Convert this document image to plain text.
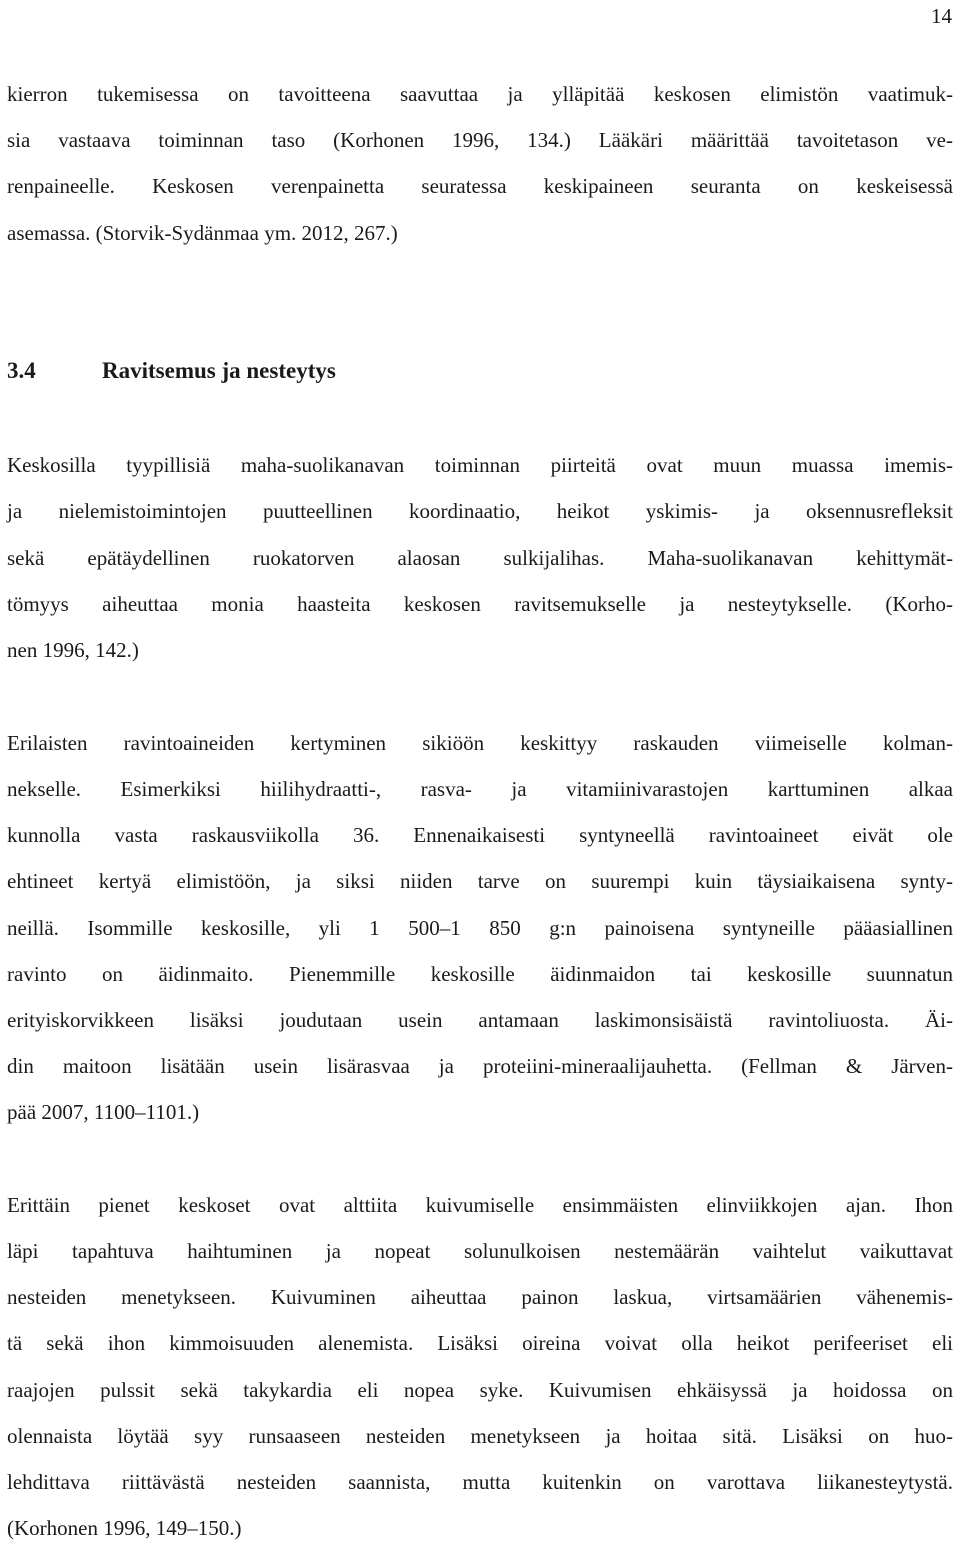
14
kierron tukemisessa on tavoitteena saavuttaa ja ylläpitää keskosen elimistön vaatimuk-
sia vastaava toiminnan taso (Korhonen 1996, 134.) Lääkäri määrittää tavoitetason ve-
renpaineelle. Keskosen verenpainetta seuratessa keskipaineen seuranta on keskeisessä
asemassa. (Storvik-Sydänmaa ym. 2012, 267.)
3.4	Ravitsemus ja nesteytys
Keskosilla tyypillisiä maha-suolikanavan toiminnan piirteitä ovat muun muassa imemis-
ja nielemistoimintojen puutteellinen koordinaatio, heikot yskimis- ja oksennusrefleksit
sekä epätäydellinen ruokatorven alaosan sulkijalihas. Maha-suolikanavan kehittymät-
tömyys aiheuttaa monia haasteita keskosen ravitsemukselle ja nesteytykselle. (Korho-
nen 1996, 142.)
Erilaisten ravintoaineiden kertyminen sikiöön keskittyy raskauden viimeiselle kolman-
nekselle. Esimerkiksi hiilihydraatti-, rasva- ja vitamiinivarastojen karttuminen alkaa
kunnolla vasta raskausviikolla 36. Ennenaikaisesti syntyneellä ravintoaineet eivät ole
ehtineet kertyä elimistöön, ja siksi niiden tarve on suurempi kuin täysiaikaisena synty-
neillä. Isommille keskosille, yli 1 500–1 850 g:n painoisena syntyneille pääasiallinen
ravinto on äidinmaito. Pienemmille keskosille äidinmaidon tai keskosille suunnatun
erityiskorvikkeen lisäksi joudutaan usein antamaan laskimonsisäistä ravintoliuosta. Äi-
din maitoon lisätään usein lisärasvaa ja proteiini-mineraalijauhetta. (Fellman & Järven-
pää 2007, 1100–1101.)
Erittäin pienet keskoset ovat alttiita kuivumiselle ensimmäisten elinviikkojen ajan. Ihon
läpi tapahtuva haihtuminen ja nopeat solunulkoisen nestemäärän vaihtelut vaikuttavat
nesteiden menetykseen. Kuivuminen aiheuttaa painon laskua, virtsamäärien vähenemis-
tä sekä ihon kimmoisuuden alenemista. Lisäksi oireina voivat olla heikot perifeeriset eli
raajojen pulssit sekä takykardia eli nopea syke. Kuivumisen ehkäisyssä ja hoidossa on
olennaista löytää syy runsaaseen nesteiden menetykseen ja hoitaa sitä. Lisäksi on huo-
lehdittava riittävästä nesteiden saannista, mutta kuitenkin on varottava liikanesteytystä.
(Korhonen 1996, 149–150.)
